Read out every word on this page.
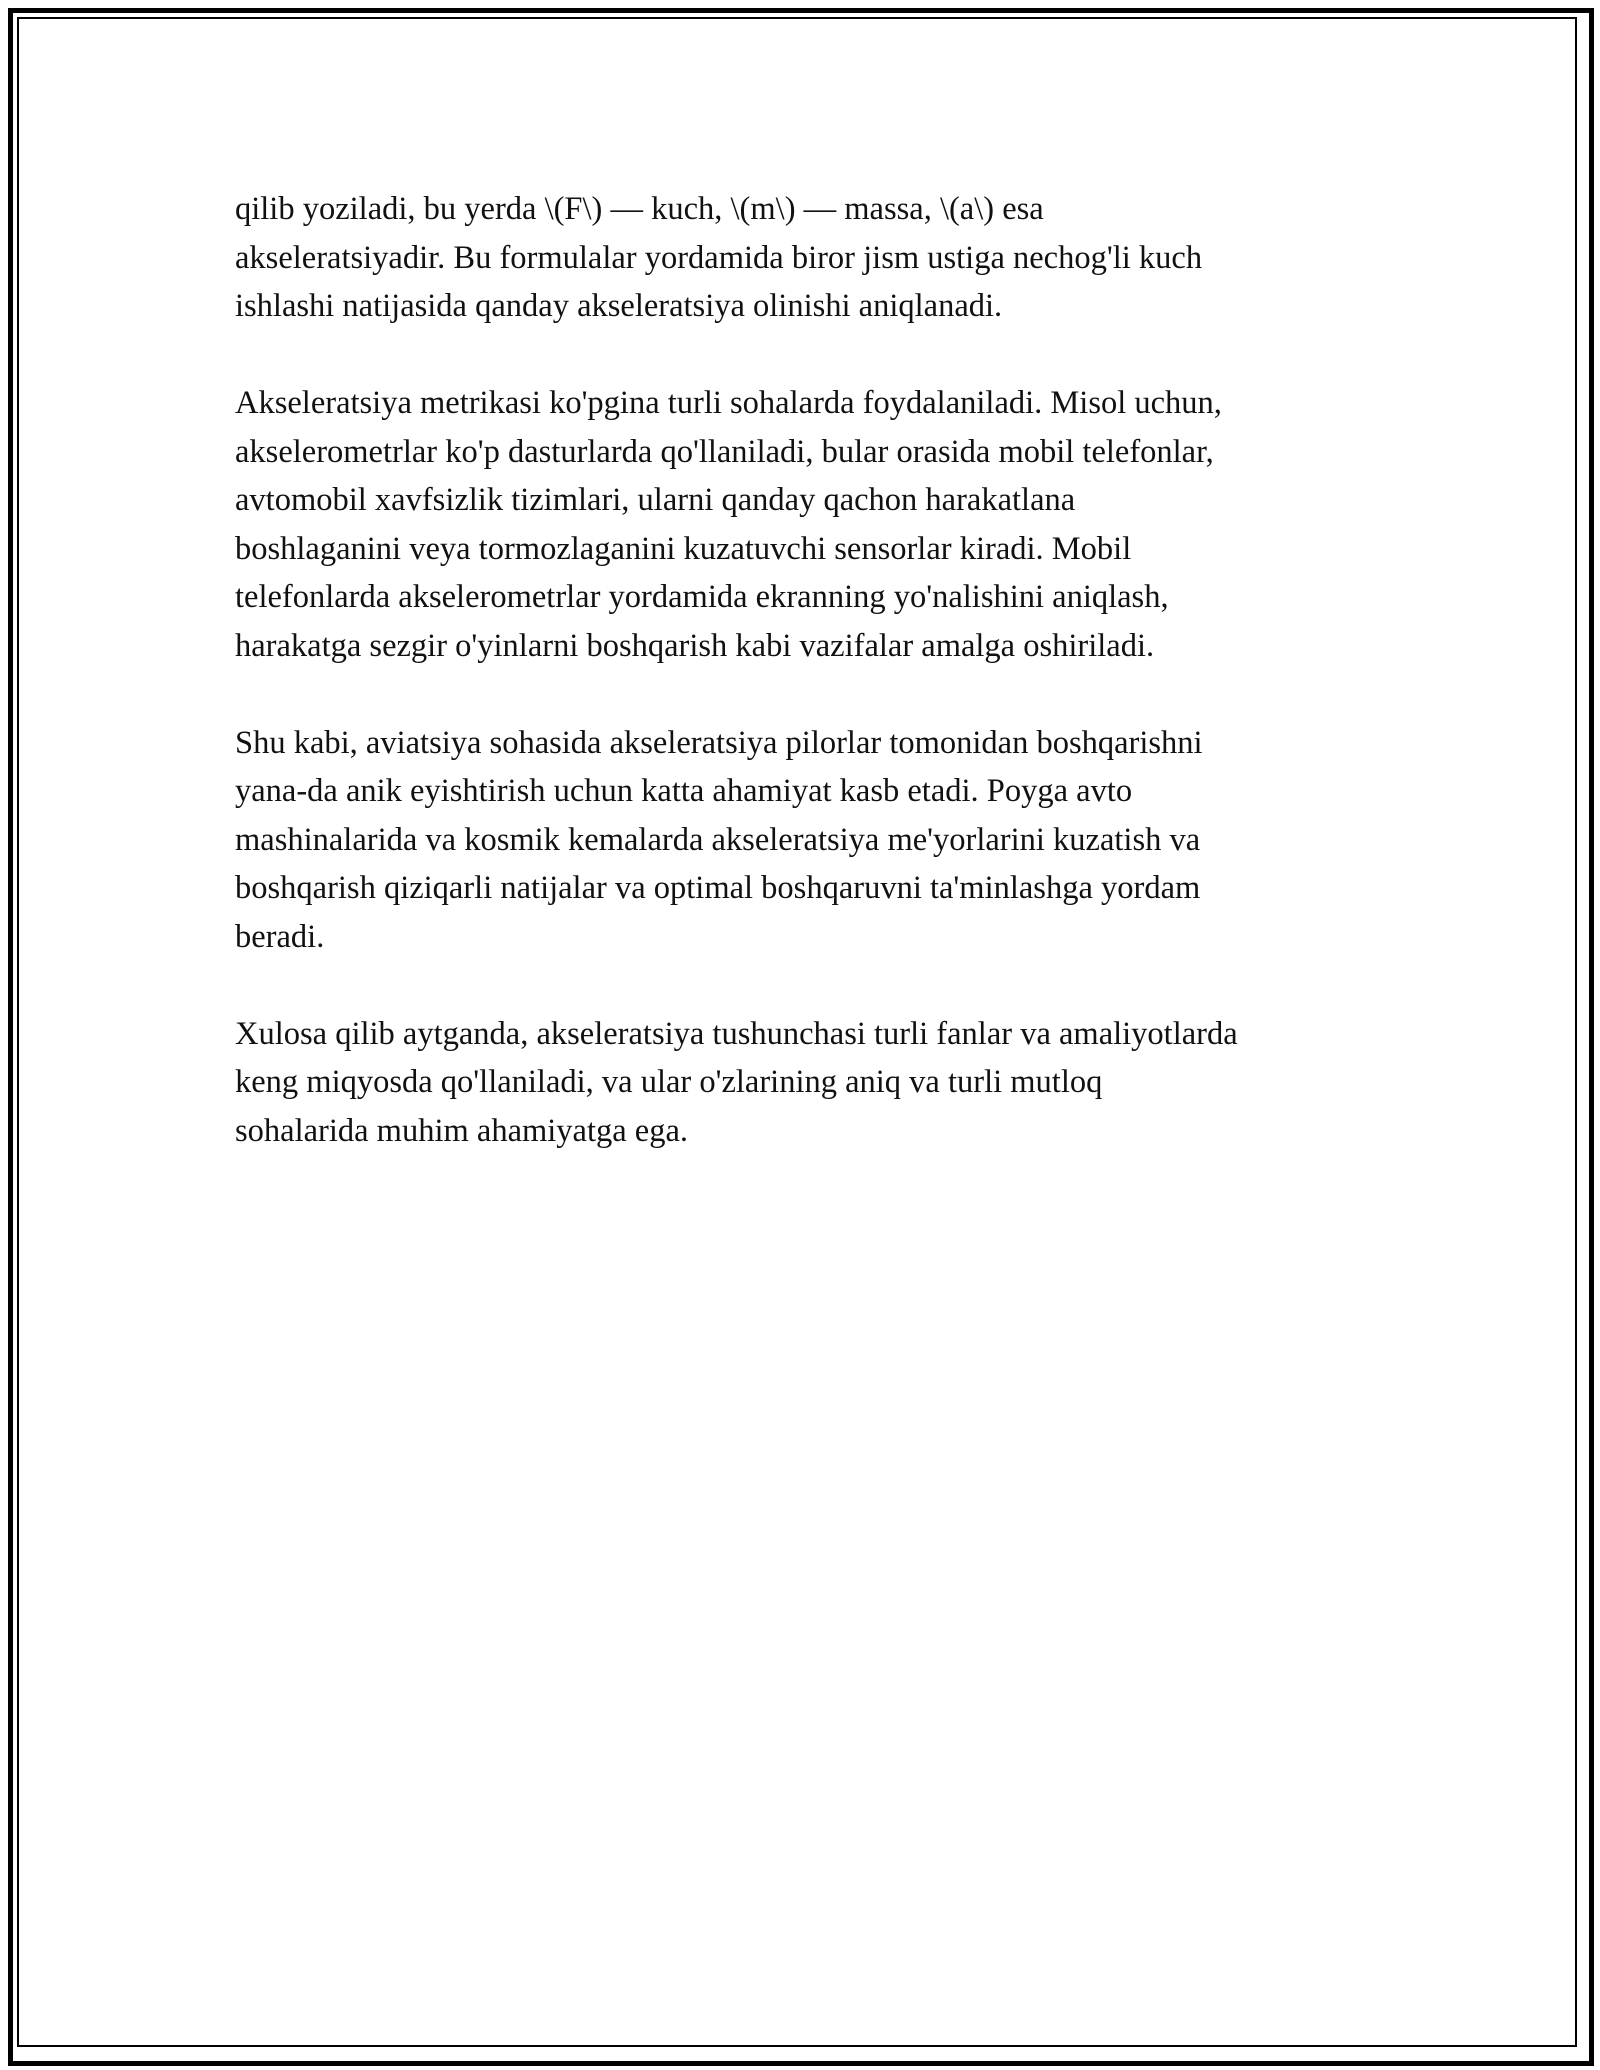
qilib yoziladi, bu yerda \(F\) — kuch, \(m\) — massa, \(a\) esa
akseleratsiyadir. Bu formulalar yordamida biror jism ustiga nechog'li kuch
ishlashi natijasida qanday akseleratsiya olinishi aniqlanadi.

Akseleratsiya metrikasi ko'pgina turli sohalarda foydalaniladi. Misol uchun,
akselerometrlar ko'p dasturlarda qo'llaniladi, bular orasida mobil telefonlar,
avtomobil xavfsizlik tizimlari, ularni qanday qachon harakatlana
boshlaganini veya tormozlaganini kuzatuvchi sensorlar kiradi. Mobil
telefonlarda akselerometrlar yordamida ekranning yo'nalishini aniqlash,
harakatga sezgir o'yinlarni boshqarish kabi vazifalar amalga oshiriladi.

Shu kabi, aviatsiya sohasida akseleratsiya pilorlar tomonidan boshqarishni
yana-da anik eyishtirish uchun katta ahamiyat kasb etadi. Poyga avto
mashinalarida va kosmik kemalarda akseleratsiya me'yorlarini kuzatish va
boshqarish qiziqarli natijalar va optimal boshqaruvni ta'minlashga yordam
beradi.

Xulosa qilib aytganda, akseleratsiya tushunchasi turli fanlar va amaliyotlarda
keng miqyosda qo'llaniladi, va ular o'zlarining aniq va turli mutloq
sohalarida muhim ahamiyatga ega.
